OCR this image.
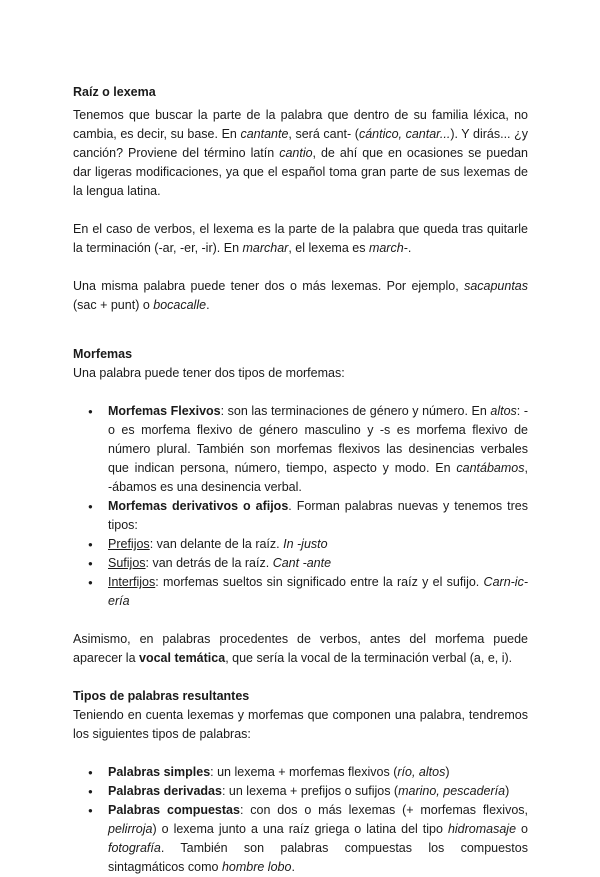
Raíz o lexema

Tenemos que buscar la parte de la palabra que dentro de su familia léxica, no cambia, es decir, su base. En cantante, será cant- (cántico, cantar...). Y dirás... ¿y canción? Proviene del término latín cantio, de ahí que en ocasiones se puedan dar ligeras modificaciones, ya que el español toma gran parte de sus lexemas de la lengua latina.

En el caso de verbos, el lexema es la parte de la palabra que queda tras quitarle la terminación (-ar, -er, -ir). En marchar, el lexema es march-.

Una misma palabra puede tener dos o más lexemas. Por ejemplo, sacapuntas (sac + punt) o bocacalle.

Morfemas

Una palabra puede tener dos tipos de morfemas:

● Morfemas Flexivos: son las terminaciones de género y número. En altos: -o es morfema flexivo de género masculino y -s es morfema flexivo de número plural. También son morfemas flexivos las desinencias verbales que indican persona, número, tiempo, aspecto y modo. En cantábamos, -ábamos es una desinencia verbal.
● Morfemas derivativos o afijos. Forman palabras nuevas y tenemos tres tipos:
● Prefijos: van delante de la raíz. In -justo
● Sufijos: van detrás de la raíz. Cant -ante
● Interfijos: morfemas sueltos sin significado entre la raíz y el sufijo. Carn-ic-ería

Asimismo, en palabras procedentes de verbos, antes del morfema puede aparecer la vocal temática, que sería la vocal de la terminación verbal (a, e, i).

Tipos de palabras resultantes

Teniendo en cuenta lexemas y morfemas que componen una palabra, tendremos los siguientes tipos de palabras:

● Palabras simples: un lexema + morfemas flexivos (río, altos)
● Palabras derivadas: un lexema + prefijos o sufijos (marino, pescadería)
● Palabras compuestas: con dos o más lexemas (+ morfemas flexivos, pelirroja) o lexema junto a una raíz griega o latina del tipo hidromasaje o fotografía. También son palabras compuestas los compuestos sintagmáticos como hombre lobo.
